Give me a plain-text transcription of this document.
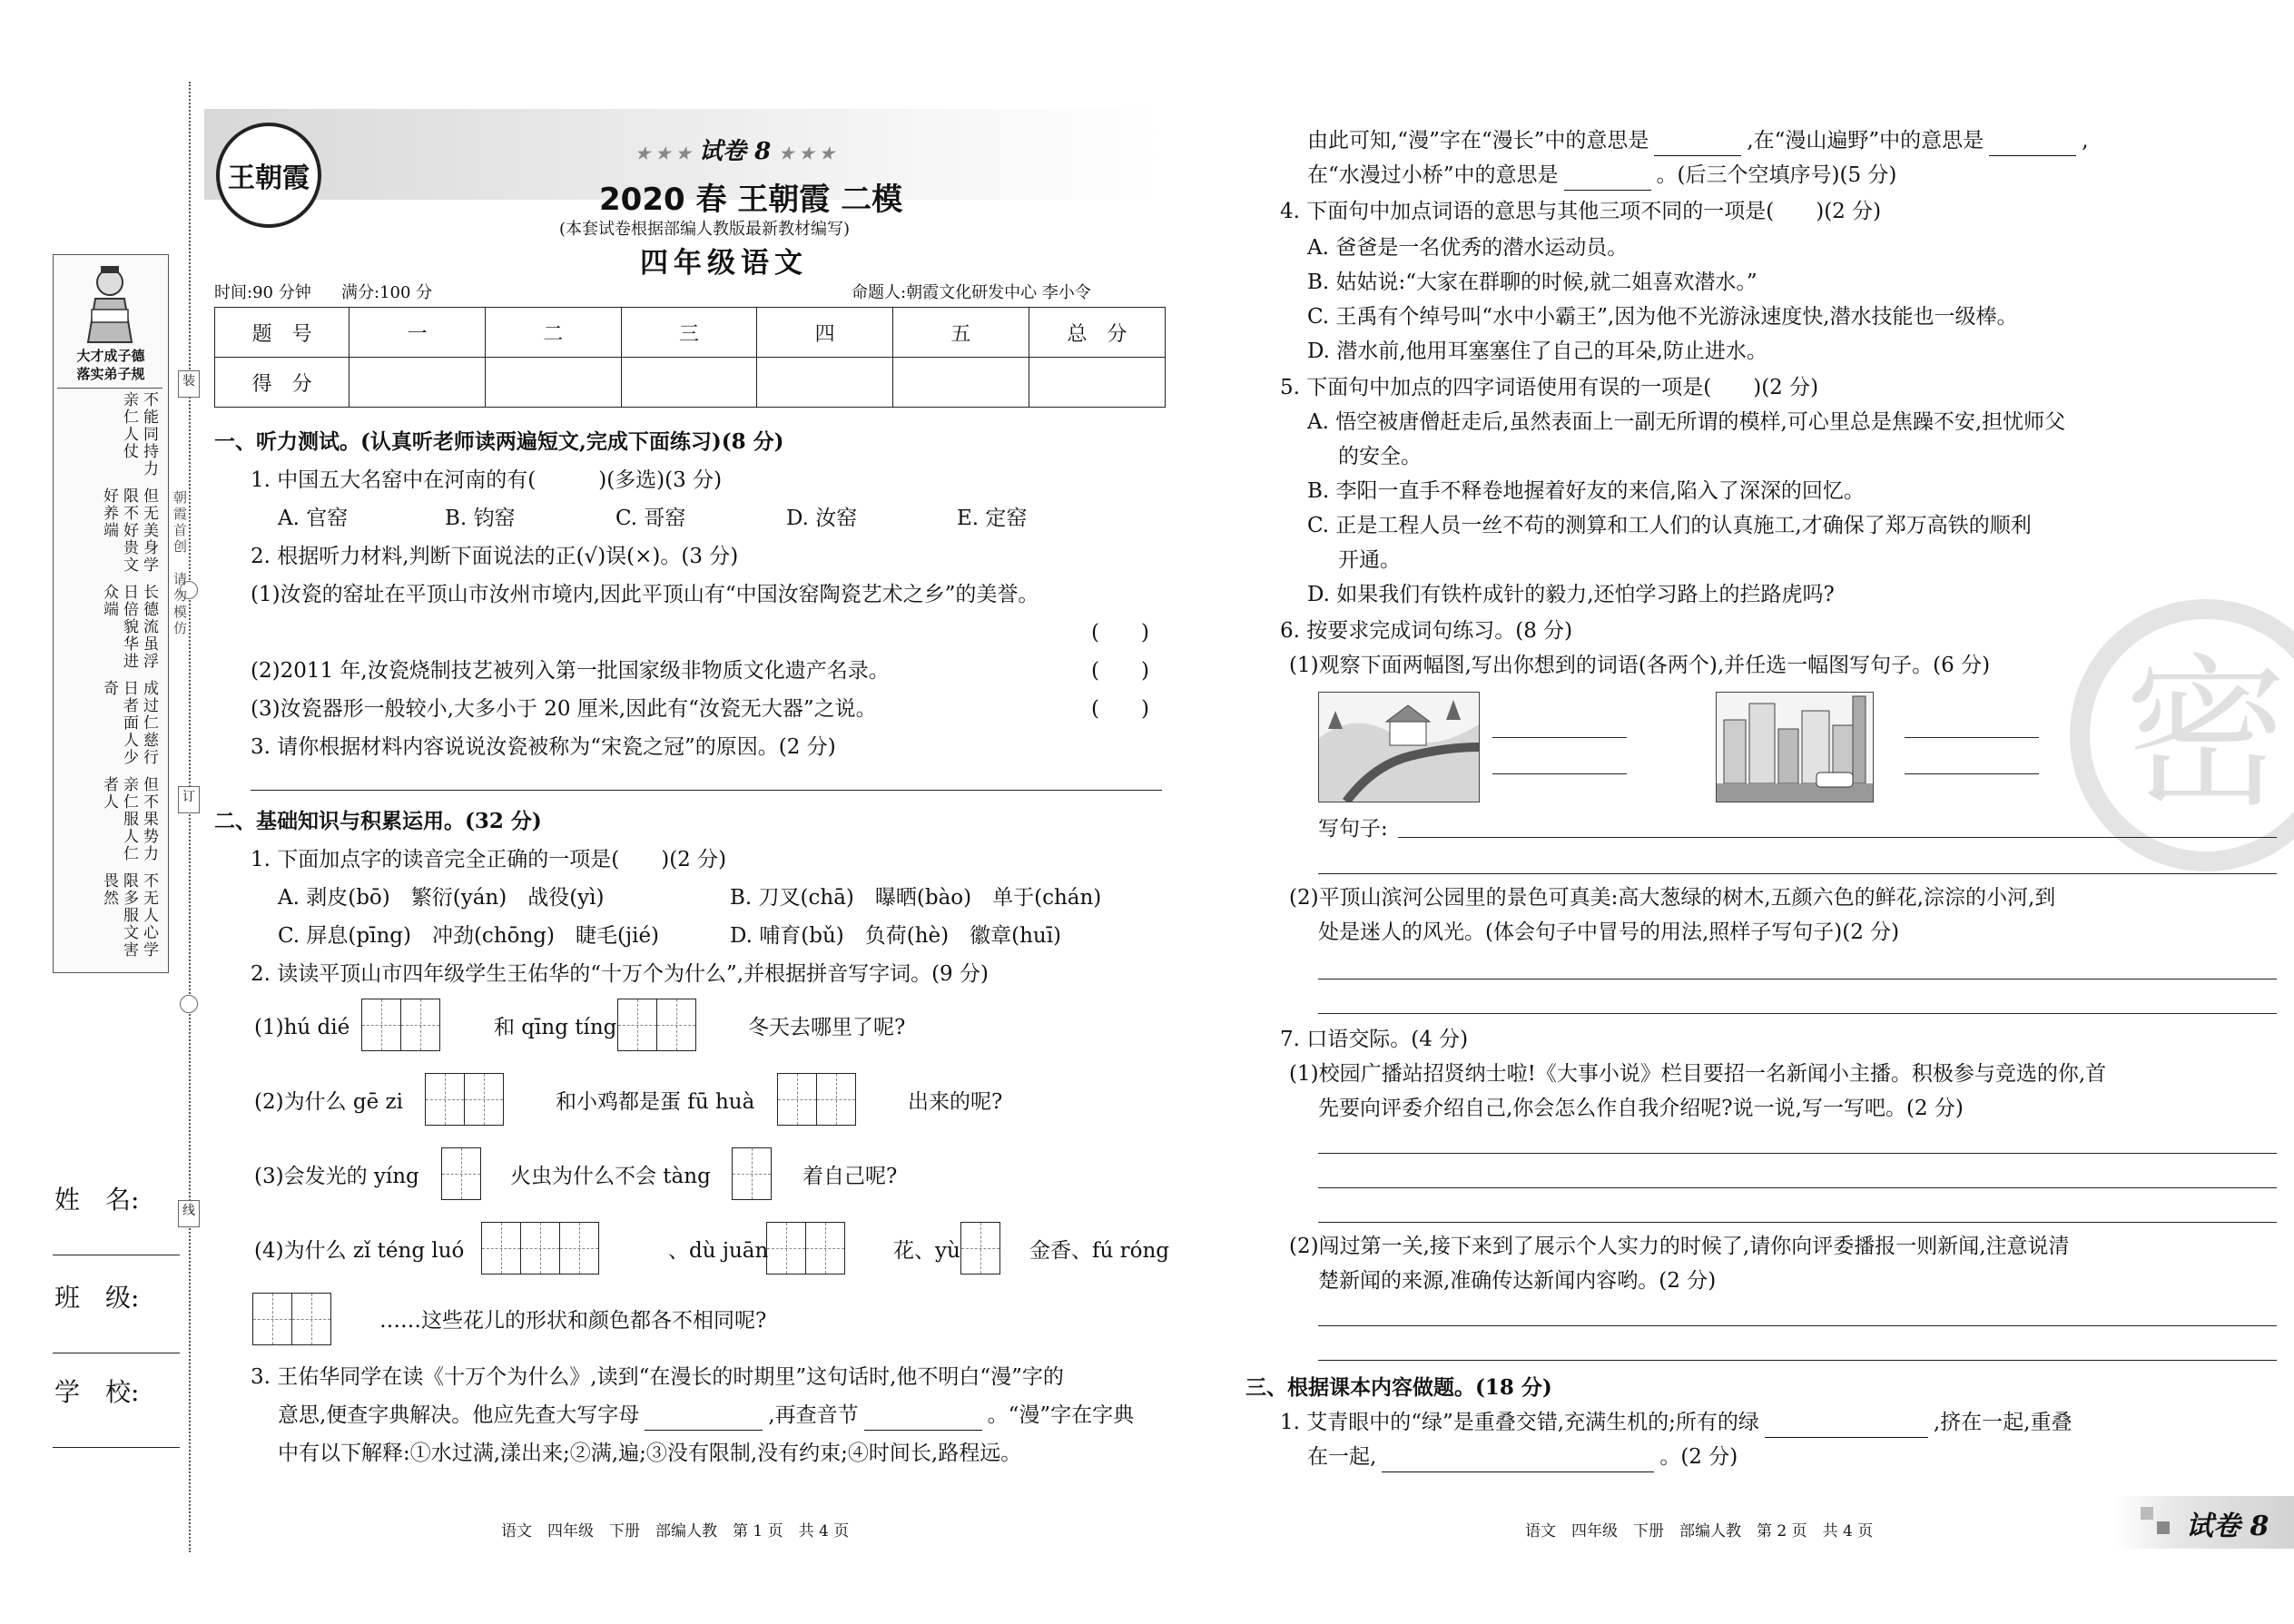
装
订
线
朝霞首创　请勿模仿
大才成子德
落实弟子规
不能同持力亲仁人仗
但无美身学限不好贵文好养端
长德流虽浮日倍貌华进众端
成过仁慈行日者面人少奇
但不果势力亲仁服人仁者人
不无人心学限多服文害畏然
姓　名:
班　级:
学　校:
王朝霞
★ ★ ★ 试卷 8 ★ ★ ★
2020 春 王朝霞 二模
(本套试卷根据部编人教版最新教材编写)
四年级语文
时间:90 分钟 满分:100 分	命题人:朝霞文化研发中心 李小令
题　号	一	二	三	四	五	总　分
得　分						
一、听力测试。(认真听老师读两遍短文,完成下面练习)(8 分)
1. 中国五大名窑中在河南的有(　　　)(多选)(3 分)
A. 官窑	B. 钧窑	C. 哥窑	D. 汝窑	E. 定窑
2. 根据听力材料,判断下面说法的正(√)误(×)。(3 分)
(1)汝瓷的窑址在平顶山市汝州市境内,因此平顶山有“中国汝窑陶瓷艺术之乡”的美誉。
(　　)
(2)2011 年,汝瓷烧制技艺被列入第一批国家级非物质文化遗产名录。	(　　)
(3)汝瓷器形一般较小,大多小于 20 厘米,因此有“汝瓷无大器”之说。	(　　)
3. 请你根据材料内容说说汝瓷被称为“宋瓷之冠”的原因。(2 分)
二、基础知识与积累运用。(32 分)
1. 下面加点字的读音完全正确的一项是(　　)(2 分)
A. 剥皮(bō)　繁衍(yán)　战役(yì)	B. 刀叉(chā)　曝晒(bào)　单于(chán)
C. 屏息(pīng)　冲劲(chōng)　睫毛(jié)	D. 哺育(bǔ)　负荷(hè)　徽章(huī)
2. 读读平顶山市四年级学生王佑华的“十万个为什么”,并根据拼音写字词。(9 分)
(1)hú dié	和 qīng tíng	冬天去哪里了呢?
(2)为什么 gē zi	和小鸡都是蛋 fū huà	出来的呢?
(3)会发光的 yíng	火虫为什么不会 tàng	着自己呢?
(4)为什么 zǐ téng luó	、dù juān	花、yù	金香、fú róng
……这些花儿的形状和颜色都各不相同呢?
3. 王佑华同学在读《十万个为什么》,读到“在漫长的时期里”这句话时,他不明白“漫”字的
意思,便查字典解决。他应先查大写字母	,再查音节	。“漫”字在字典
中有以下解释:①水过满,漾出来;②满,遍;③没有限制,没有约束;④时间长,路程远。
语文　四年级　下册　部编人教　第 1 页　共 4 页
密
由此可知,“漫”字在“漫长”中的意思是	,在“漫山遍野”中的意思是	,
在“水漫过小桥”中的意思是	。(后三个空填序号)(5 分)
4. 下面句中加点词语的意思与其他三项不同的一项是(　　)(2 分)
A. 爸爸是一名优秀的潜水运动员。
B. 姑姑说:“大家在群聊的时候,就二姐喜欢潜水。”
C. 王禹有个绰号叫“水中小霸王”,因为他不光游泳速度快,潜水技能也一级棒。
D. 潜水前,他用耳塞塞住了自己的耳朵,防止进水。
5. 下面句中加点的四字词语使用有误的一项是(　　)(2 分)
A. 悟空被唐僧赶走后,虽然表面上一副无所谓的模样,可心里总是焦躁不安,担忧师父
的安全。
B. 李阳一直手不释卷地握着好友的来信,陷入了深深的回忆。
C. 正是工程人员一丝不苟的测算和工人们的认真施工,才确保了郑万高铁的顺利
开通。
D. 如果我们有铁杵成针的毅力,还怕学习路上的拦路虎吗?
6. 按要求完成词句练习。(8 分)
(1)观察下面两幅图,写出你想到的词语(各两个),并任选一幅图写句子。(6 分)
写句子:
(2)平顶山滨河公园里的景色可真美:高大葱绿的树木,五颜六色的鲜花,淙淙的小河,到
处是迷人的风光。(体会句子中冒号的用法,照样子写句子)(2 分)
7. 口语交际。(4 分)
(1)校园广播站招贤纳士啦!《大事小说》栏目要招一名新闻小主播。积极参与竞选的你,首
先要向评委介绍自己,你会怎么作自我介绍呢?说一说,写一写吧。(2 分)
(2)闯过第一关,接下来到了展示个人实力的时候了,请你向评委播报一则新闻,注意说清
楚新闻的来源,准确传达新闻内容哟。(2 分)
三、根据课本内容做题。(18 分)
1. 艾青眼中的“绿”是重叠交错,充满生机的;所有的绿	,挤在一起,重叠
在一起,	。(2 分)
语文　四年级　下册　部编人教　第 2 页　共 4 页	试卷 8
